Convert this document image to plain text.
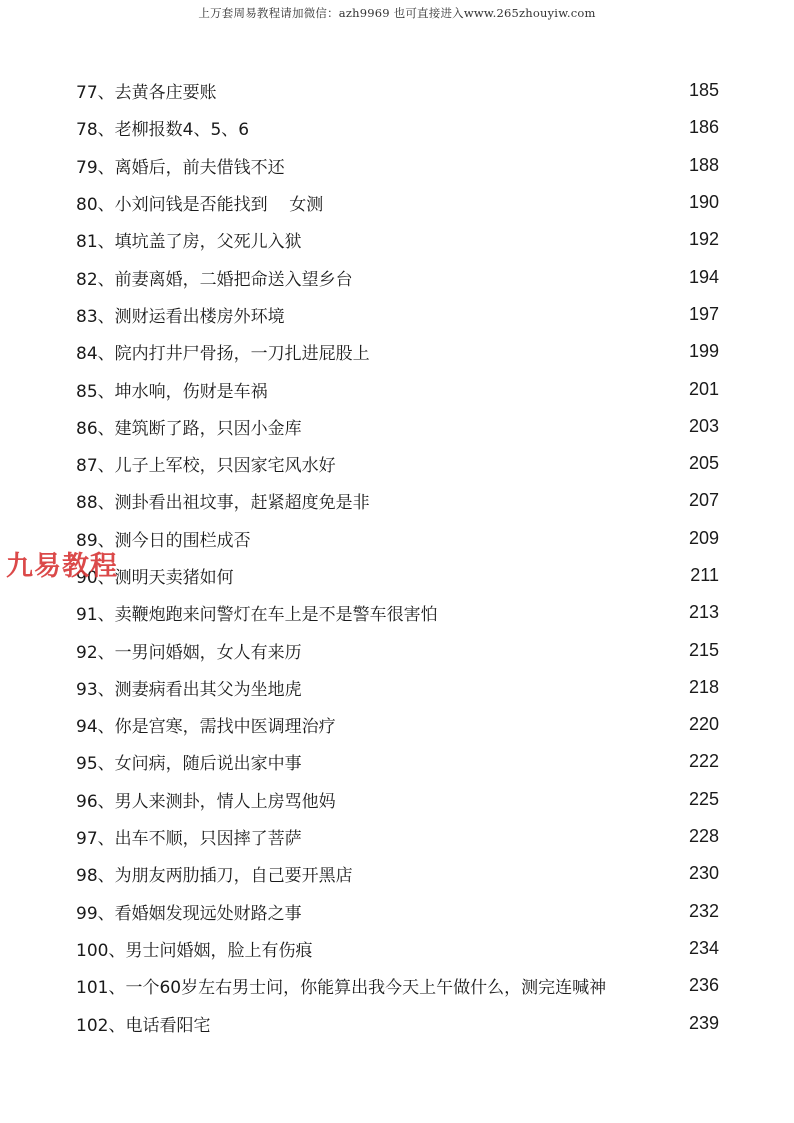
上万套周易教程请加微信：azh9969 也可直接进入www.265zhouyiw.com
77、去黄各庄要账	185
78、老柳报数4、5、6	186
79、离婚后，前夫借钱不还	188
80、小刘问钱是否能找到    女测	190
81、填坑盖了房，父死儿入狱	192
82、前妻离婚，二婚把命送入望乡台	194
83、测财运看出楼房外环境	197
84、院内打井尸骨扬，一刀扎进屁股上	199
85、坤水响，伤财是车祸	201
86、建筑断了路，只因小金库	203
87、儿子上军校，只因家宅风水好	205
88、测卦看出祖坟事，赶紧超度免是非	207
89、测今日的围栏成否	209
90、测明天卖猪如何	211
91、卖鞭炮跑来问警灯在车上是不是警车很害怕	213
92、一男问婚姻，女人有来历	215
93、测妻病看出其父为坐地虎	218
94、你是宫寒，需找中医调理治疗	220
95、女问病，随后说出家中事	222
96、男人来测卦，情人上房骂他妈	225
97、出车不顺，只因摔了菩萨	228
98、为朋友两肋插刀，自己要开黑店	230
99、看婚姻发现远处财路之事	232
100、男士问婚姻，脸上有伤痕	234
101、一个60岁左右男士问，你能算出我今天上午做什么，测完连喊神	236
102、电话看阳宅	239
九易教程
